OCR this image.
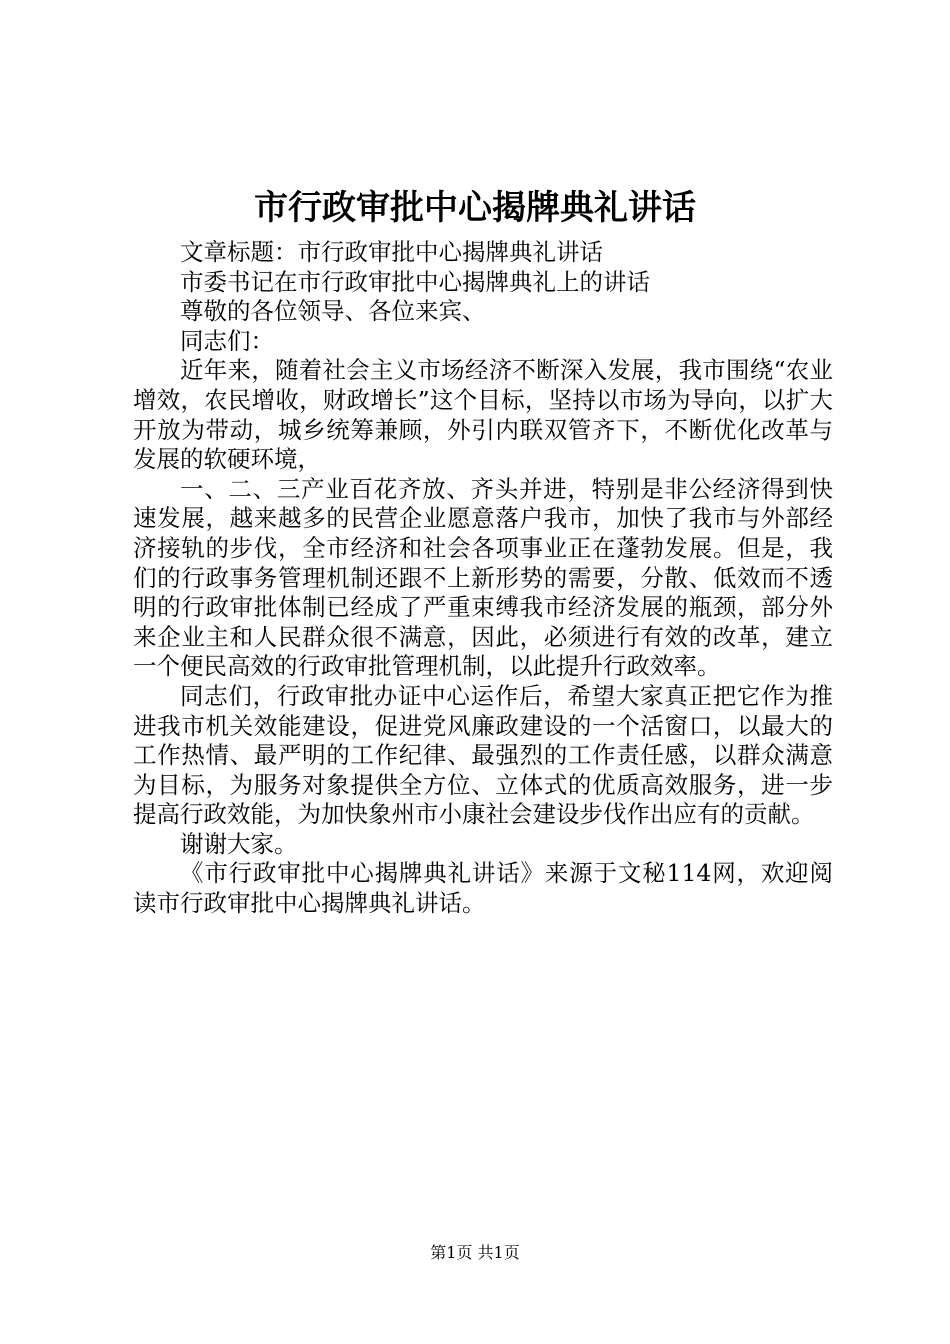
市行政审批中心揭牌典礼讲话

文章标题：市行政审批中心揭牌典礼讲话

市委书记在市行政审批中心揭牌典礼上的讲话

尊敬的各位领导、各位来宾、

同志们：

近年来，随着社会主义市场经济不断深入发展，我市围绕“农业增效，农民增收，财政增长”这个目标，坚持以市场为导向，以扩大开放为带动，城乡统筹兼顾，外引内联双管齐下，不断优化改革与发展的软硬环境，

一、二、三产业百花齐放、齐头并进，特别是非公经济得到快速发展，越来越多的民营企业愿意落户我市，加快了我市与外部经济接轨的步伐，全市经济和社会各项事业正在蓬勃发展。但是，我们的行政事务管理机制还跟不上新形势的需要，分散、低效而不透明的行政审批体制已经成了严重束缚我市经济发展的瓶颈，部分外来企业主和人民群众很不满意，因此，必须进行有效的改革，建立一个便民高效的行政审批管理机制，以此提升行政效率。

同志们，行政审批办证中心运作后，希望大家真正把它作为推进我市机关效能建设，促进党风廉政建设的一个活窗口，以最大的工作热情、最严明的工作纪律、最强烈的工作责任感，以群众满意为目标，为服务对象提供全方位、立体式的优质高效服务，进一步提高行政效能，为加快象州市小康社会建设步伐作出应有的贡献。

谢谢大家。

《市行政审批中心揭牌典礼讲话》来源于文秘114网，欢迎阅读市行政审批中心揭牌典礼讲话。

第1页 共1页
